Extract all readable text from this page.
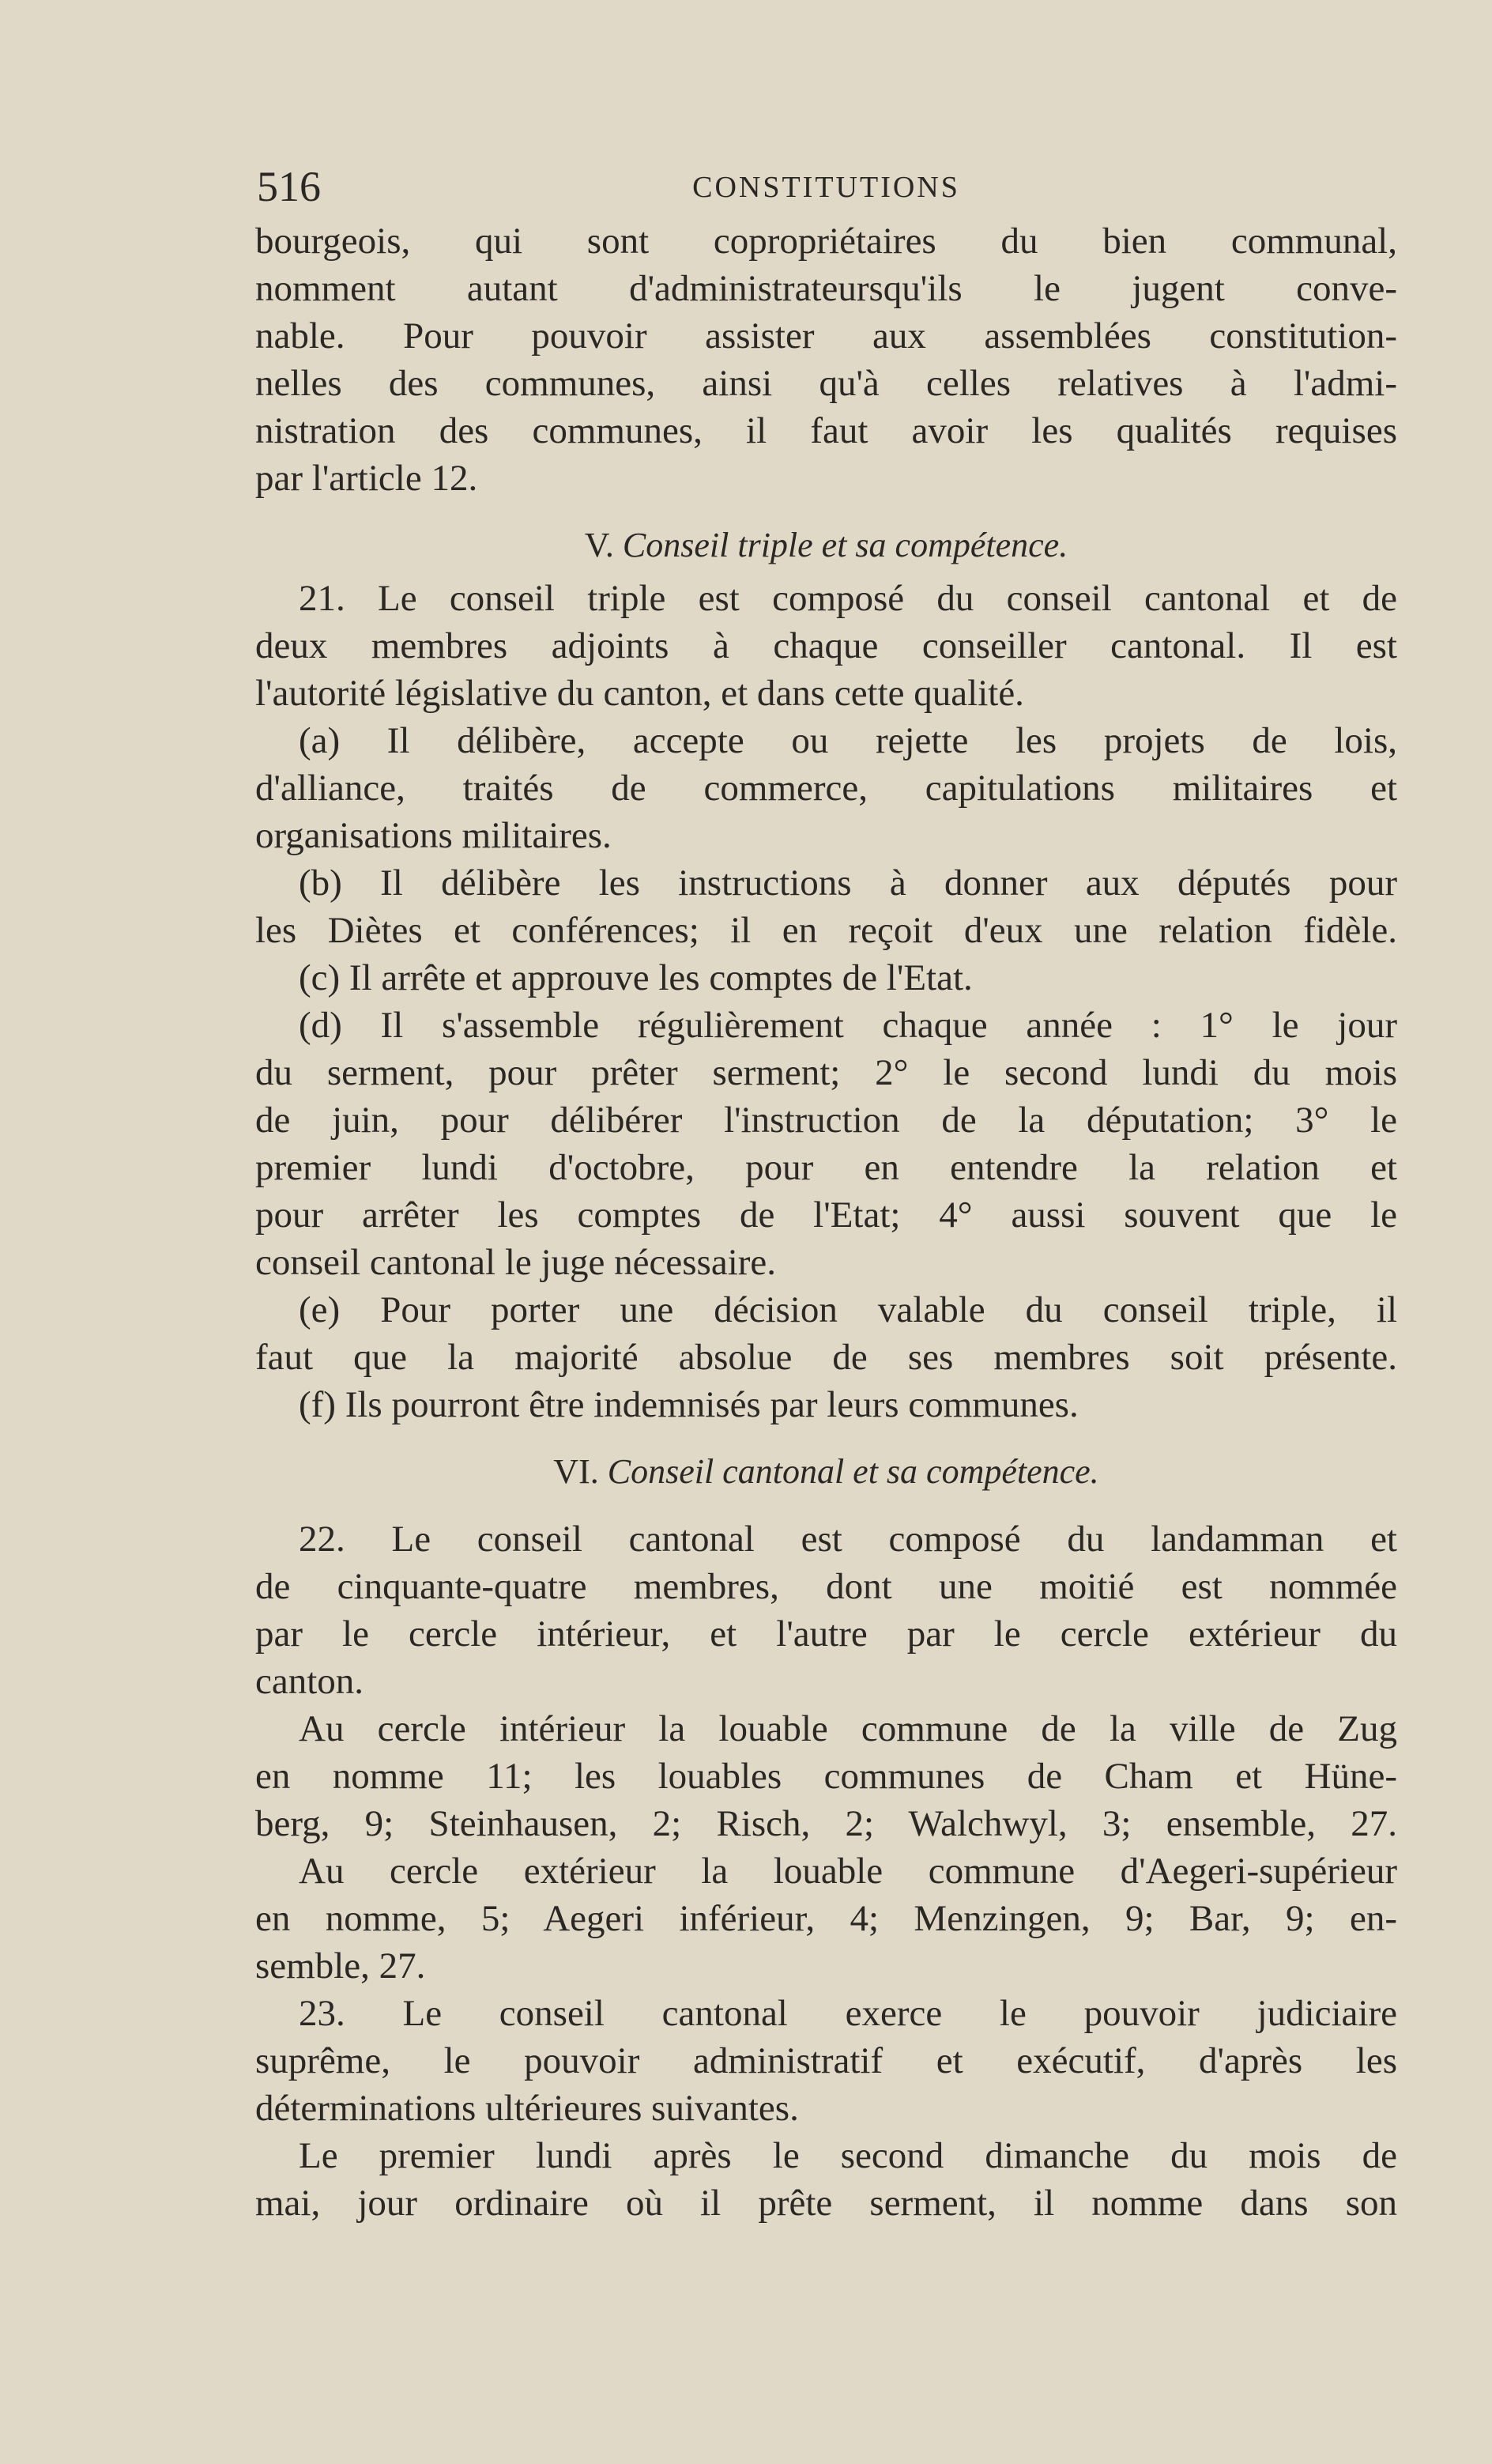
516	CONSTITUTIONS
bourgeois, qui sont copropriétaires du bien communal,
nomment autant d'administrateursqu'ils le jugent conve-
nable. Pour pouvoir assister aux assemblées constitution-
nelles des communes, ainsi qu'à celles relatives à l'admi-
nistration des communes, il faut avoir les qualités requises
par l'article 12.
V. Conseil triple et sa compétence.
21. Le conseil triple est composé du conseil cantonal et de
deux membres adjoints à chaque conseiller cantonal. Il est
l'autorité législative du canton, et dans cette qualité.
(a) Il délibère, accepte ou rejette les projets de lois,
d'alliance, traités de commerce, capitulations militaires et
organisations militaires.
(b) Il délibère les instructions à donner aux députés pour
les Diètes et conférences; il en reçoit d'eux une relation fidèle.
(c) Il arrête et approuve les comptes de l'Etat.
(d) Il s'assemble régulièrement chaque année : 1° le jour
du serment, pour prêter serment; 2° le second lundi du mois
de juin, pour délibérer l'instruction de la députation; 3° le
premier lundi d'octobre, pour en entendre la relation et
pour arrêter les comptes de l'Etat; 4° aussi souvent que le
conseil cantonal le juge nécessaire.
(e) Pour porter une décision valable du conseil triple, il
faut que la majorité absolue de ses membres soit présente.
(f) Ils pourront être indemnisés par leurs communes.
VI. Conseil cantonal et sa compétence.
22. Le conseil cantonal est composé du landamman et
de cinquante-quatre membres, dont une moitié est nommée
par le cercle intérieur, et l'autre par le cercle extérieur du
canton.
Au cercle intérieur la louable commune de la ville de Zug
en nomme 11; les louables communes de Cham et Hüne-
berg, 9; Steinhausen, 2; Risch, 2; Walchwyl, 3; ensemble, 27.
Au cercle extérieur la louable commune d'Aegeri-supérieur
en nomme, 5; Aegeri inférieur, 4; Menzingen, 9; Bar, 9; en-
semble, 27.
23. Le conseil cantonal exerce le pouvoir judiciaire
suprême, le pouvoir administratif et exécutif, d'après les
déterminations ultérieures suivantes.
Le premier lundi après le second dimanche du mois de
mai, jour ordinaire où il prête serment, il nomme dans son
